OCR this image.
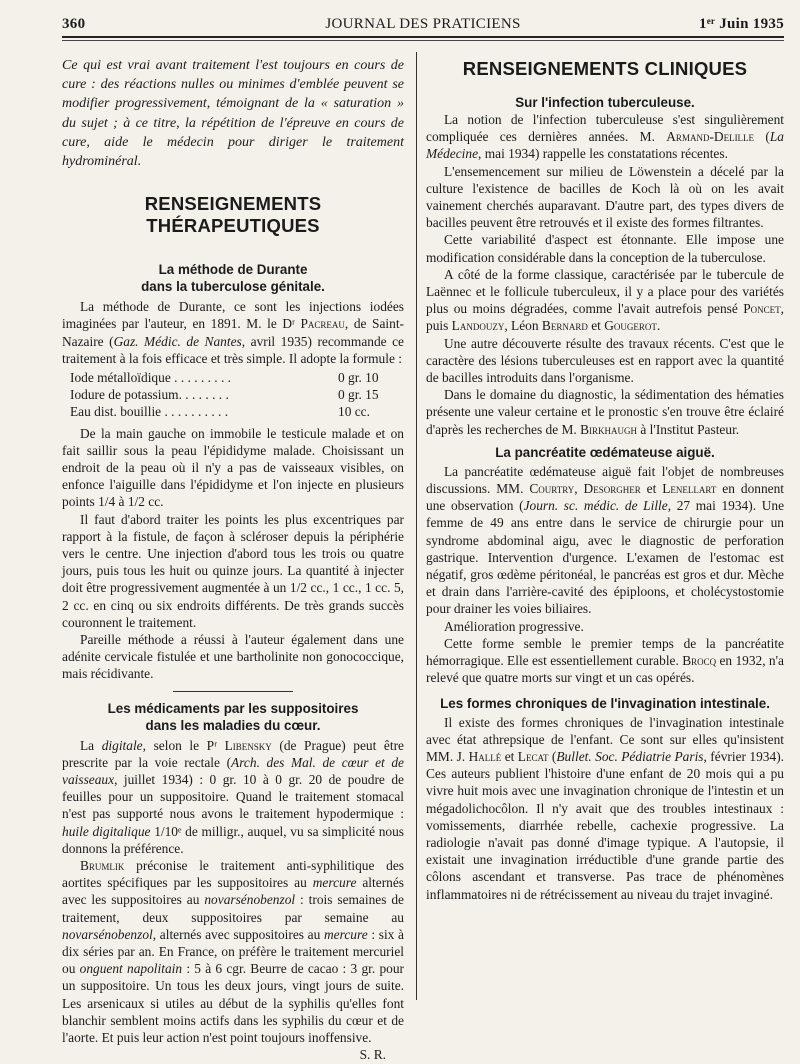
360	JOURNAL DES PRATICIENS	1ᵉʳ Juin 1935

Ce qui est vrai avant traitement l'est toujours en cours de cure : des réactions nulles ou minimes d'emblée peuvent se modifier progressivement, témoignant de la « saturation » du sujet ; à ce titre, la répétition de l'épreuve en cours de cure, aide le médecin pour diriger le traitement hydrominéral.

RENSEIGNEMENTS THÉRAPEUTIQUES
La méthode de Durante
dans la tuberculose génitale.

La méthode de Durante, ce sont les injections iodées imaginées par l'auteur, en 1891. M. le Dʳ Pacreau, de Saint-Nazaire (Gaz. Médic. de Nantes, avril 1935) recommande ce traitement à la fois efficace et très simple. Il adopte la formule :

Iode métalloïdique . . . . . . . . .	0 gr. 10
Iodure de potassium. . . . . . . .	0 gr. 15
Eau dist. bouillie . . . . . . . . . .	10 cc.

De la main gauche on immobile le testicule malade et on fait saillir sous la peau l'épididyme malade. Choisissant un endroit de la peau où il n'y a pas de vaisseaux visibles, on enfonce l'aiguille dans l'épididyme et l'on injecte en plusieurs points 1/4 à 1/2 cc.

Il faut d'abord traiter les points les plus excentriques par rapport à la fistule, de façon à scléroser depuis la périphérie vers le centre. Une injection d'abord tous les trois ou quatre jours, puis tous les huit ou quinze jours. La quantité à injecter doit être progressivement augmentée à un 1/2 cc., 1 cc., 1 cc. 5, 2 cc. en cinq ou six endroits différents. De très grands succès couronnent le traitement.

Pareille méthode a réussi à l'auteur également dans une adénite cervicale fistulée et une bartholinite non gonococcique, mais récidivante.

Les médicaments par les suppositoires
dans les maladies du cœur.

La digitale, selon le Pʳ Libensky (de Prague) peut être prescrite par la voie rectale (Arch. des Mal. de cœur et de vaisseaux, juillet 1934) : 0 gr. 10 à 0 gr. 20 de poudre de feuilles pour un suppositoire. Quand le traitement stomacal n'est pas supporté nous avons le traitement hypodermique : huile digitalique 1/10ᵉ de milligr., auquel, vu sa simplicité nous donnons la préférence.

Brumlik préconise le traitement anti-syphilitique des aortites spécifiques par les suppositoires au mercure alternés avec les suppositoires au novarsénobenzol : trois semaines de traitement, deux suppositoires par semaine au novarsénobenzol, alternés avec suppositoires au mercure : six à dix séries par an. En France, on préfère le traitement mercuriel ou onguent napolitain : 5 à 6 cgr. Beurre de cacao : 3 gr. pour un suppositoire. Un tous les deux jours, vingt jours de suite. Les arsenicaux si utiles au début de la syphilis qu'elles font blanchir semblent moins actifs dans les syphilis du cœur et de l'aorte. Et puis leur action n'est point toujours inoffensive.

S. R.

RENSEIGNEMENTS CLINIQUES
Sur l'infection tuberculeuse.

La notion de l'infection tuberculeuse s'est singulièrement compliquée ces dernières années. M. Armand-Delille (La Médecine, mai 1934) rappelle les constatations récentes.

L'ensemencement sur milieu de Löwenstein a décelé par la culture l'existence de bacilles de Koch là où on les avait vainement cherchés auparavant. D'autre part, des types divers de bacilles peuvent être retrouvés et il existe des formes filtrantes.

Cette variabilité d'aspect est étonnante. Elle impose une modification considérable dans la conception de la tuberculose.

A côté de la forme classique, caractérisée par le tubercule de Laënnec et le follicule tuberculeux, il y a place pour des variétés plus ou moins dégradées, comme l'avait autrefois pensé Poncet, puis Landouzy, Léon Bernard et Gougerot.

Une autre découverte résulte des travaux récents. C'est que le caractère des lésions tuberculeuses est en rapport avec la quantité de bacilles introduits dans l'organisme.

Dans le domaine du diagnostic, la sédimentation des hématies présente une valeur certaine et le pronostic s'en trouve être éclairé d'après les recherches de M. Birkhaugh à l'Institut Pasteur.

La pancréatite œdémateuse aiguë.

La pancréatite œdémateuse aiguë fait l'objet de nombreuses discussions. MM. Courtry, Desorgher et Lenellart en donnent une observation (Journ. sc. médic. de Lille, 27 mai 1934). Une femme de 49 ans entre dans le service de chirurgie pour un syndrome abdominal aigu, avec le diagnostic de perforation gastrique. Intervention d'urgence. L'examen de l'estomac est négatif, gros œdème péritonéal, le pancréas est gros et dur. Mèche et drain dans l'arrière-cavité des épiploons, et cholécystostomie pour drainer les voies biliaires.

Amélioration progressive.

Cette forme semble le premier temps de la pancréatite hémorragique. Elle est essentiellement curable. Brocq en 1932, n'a relevé que quatre morts sur vingt et un cas opérés.

Les formes chroniques de l'invagination intestinale.

Il existe des formes chroniques de l'invagination intestinale avec état athrepsique de l'enfant. Ce sont sur elles qu'insistent MM. J. Hallé et Lecat (Bullet. Soc. Pédiatrie Paris, février 1934). Ces auteurs publient l'histoire d'une enfant de 20 mois qui a pu vivre huit mois avec une invagination chronique de l'intestin et un mégadolichocôlon. Il n'y avait que des troubles intestinaux : vomissements, diarrhée rebelle, cachexie progressive. La radiologie n'avait pas donné d'image typique. A l'autopsie, il existait une invagination irréductible d'une grande partie des côlons ascendant et transverse. Pas trace de phénomènes inflammatoires ni de rétrécissement au niveau du trajet invaginé.
